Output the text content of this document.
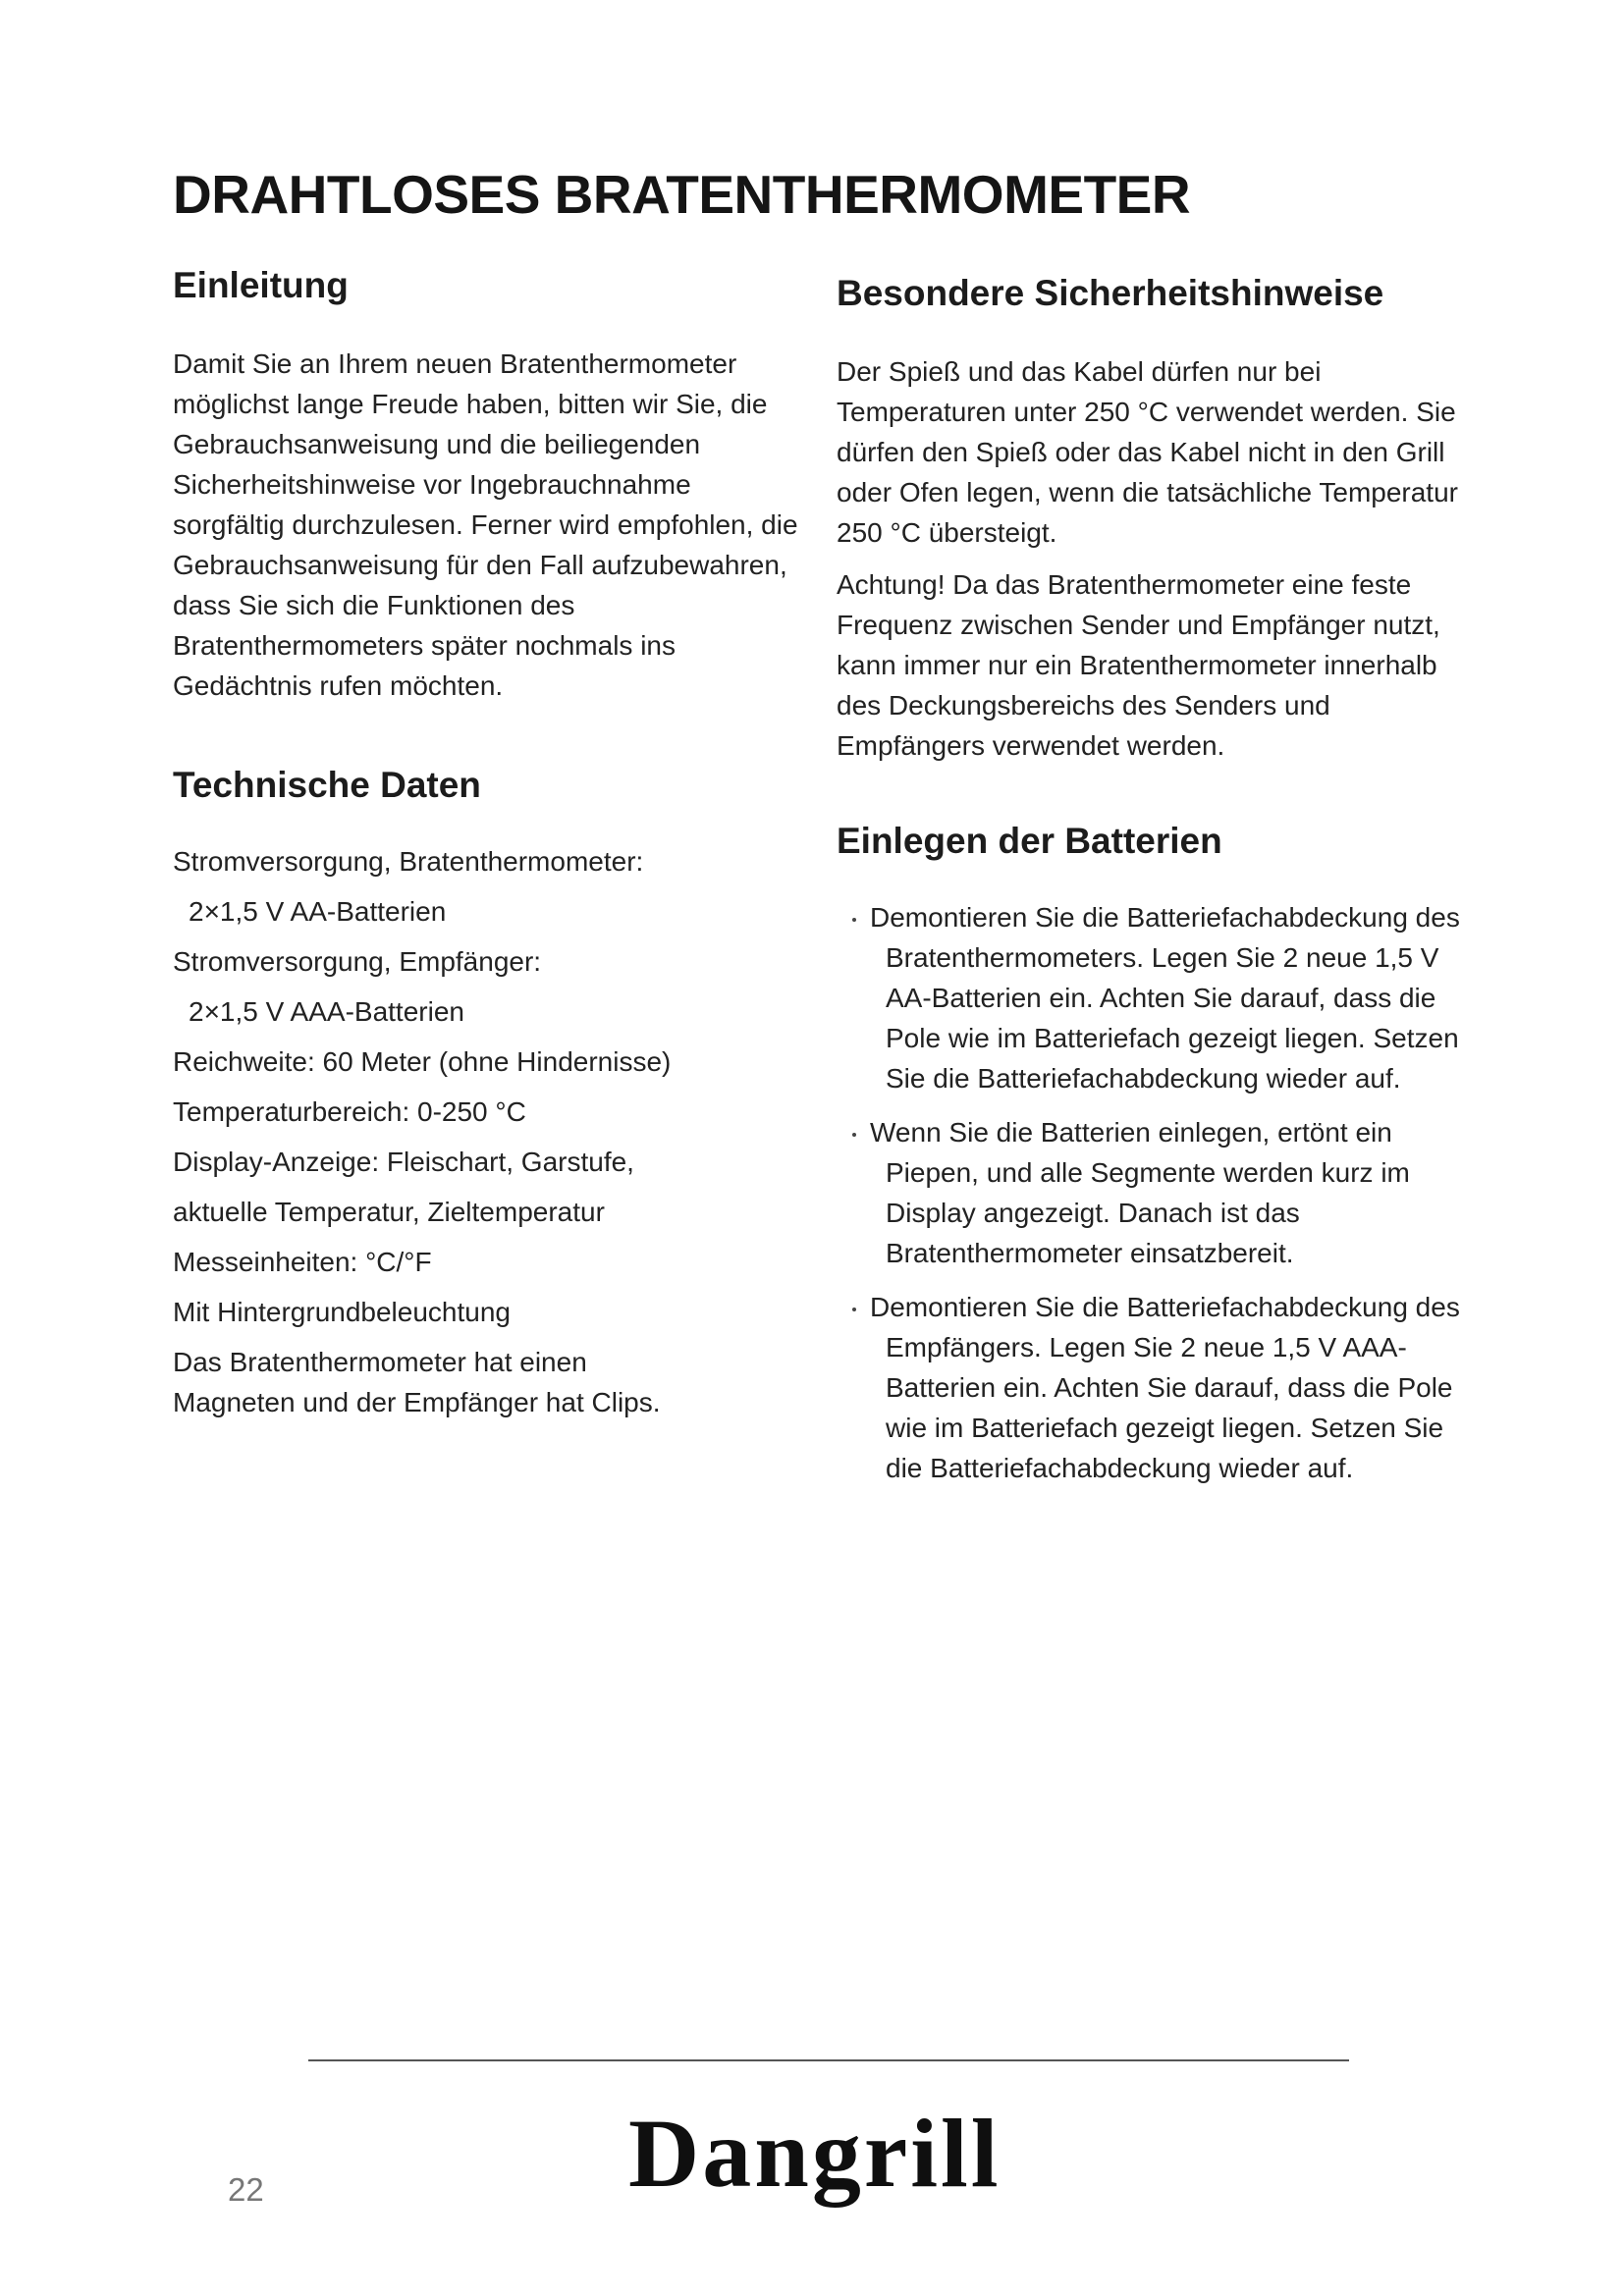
DRAHTLOSES BRATENTHERMOMETER
Einleitung

Damit Sie an Ihrem neuen Bratenthermometer möglichst lange Freude haben, bitten wir Sie, die Gebrauchsanweisung und die beiliegenden Sicherheitshinweise vor Ingebrauchnahme sorgfältig durchzulesen. Ferner wird empfohlen, die Gebrauchsanweisung für den Fall aufzubewahren, dass Sie sich die Funktionen des Bratenthermometers später nochmals ins Gedächtnis rufen möchten.

Technische Daten
Stromversorgung, Bratenthermometer:
2×1,5 V AA-Batterien
Stromversorgung, Empfänger:
2×1,5 V AAA-Batterien
Reichweite: 60 Meter (ohne Hindernisse)
Temperaturbereich: 0-250 °C
Display-Anzeige: Fleischart, Garstufe,
aktuelle Temperatur, Zieltemperatur
Messeinheiten: °C/°F
Mit Hintergrundbeleuchtung
Das Bratenthermometer hat einen
Magneten und der Empfänger hat Clips.
Besondere Sicherheitshinweise

Der Spieß und das Kabel dürfen nur bei Temperaturen unter 250 °C verwendet werden. Sie dürfen den Spieß oder das Kabel nicht in den Grill oder Ofen legen, wenn die tatsächliche Temperatur 250 °C übersteigt.

Achtung! Da das Bratenthermometer eine feste Frequenz zwischen Sender und Empfänger nutzt, kann immer nur ein Bratenthermometer innerhalb des Deckungsbereichs des Senders und Empfängers verwendet werden.

Einlegen der Batterien
Demontieren Sie die Batteriefachabdeckung des Bratenthermometers. Legen Sie 2 neue 1,5 V AA-Batterien ein. Achten Sie darauf, dass die Pole wie im Batteriefach gezeigt liegen. Setzen Sie die Batteriefachabdeckung wieder auf.
Wenn Sie die Batterien einlegen, ertönt ein Piepen, und alle Segmente werden kurz im Display angezeigt. Danach ist das Bratenthermometer einsatzbereit.
Demontieren Sie die Batteriefachabdeckung des Empfängers. Legen Sie 2 neue 1,5 V AAA-Batterien ein. Achten Sie darauf, dass die Pole wie im Batteriefach gezeigt liegen. Setzen Sie die Batteriefachabdeckung wieder auf.
22	Dangrill
